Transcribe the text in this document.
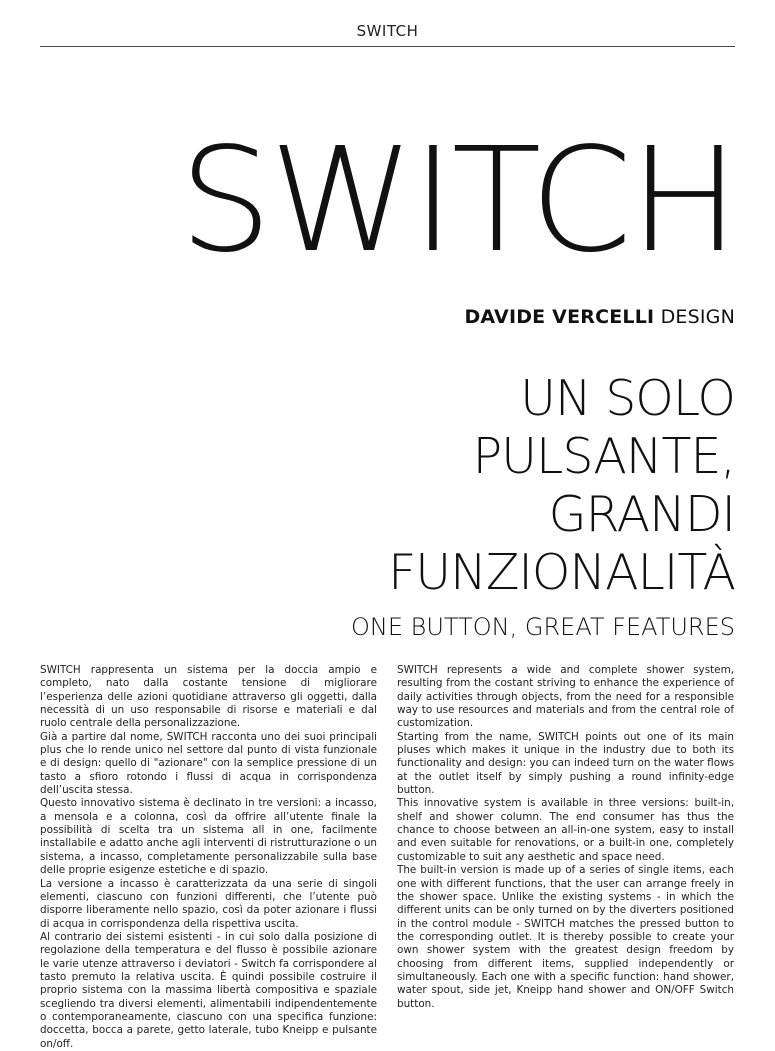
SWITCH
SWITCH
DAVIDE VERCELLI DESIGN
UN SOLO
PULSANTE,
GRANDI
FUNZIONALITÀ
ONE BUTTON, GREAT FEATURES

SWITCH rappresenta un sistema per la doccia ampio e completo, nato dalla costante tensione di migliorare l’esperienza delle azioni quotidiane attraverso gli oggetti, dalla necessità di un uso responsabile di risorse e materiali e dal ruolo centrale della personalizzazione.

Già a partire dal nome, SWITCH racconta uno dei suoi principali plus che lo rende unico nel settore dal punto di vista funzionale e di design: quello di "azionare" con la semplice pressione di un tasto a sfioro rotondo i flussi di acqua in corrispondenza dell’uscita stessa.

Questo innovativo sistema è declinato in tre versioni: a incasso, a mensola e a colonna, così da offrire all’utente finale la possibilità di scelta tra un sistema all in one, facilmente installabile e adatto anche agli interventi di ristrutturazione o un sistema, a incasso, completamente personalizzabile sulla base delle proprie esigenze estetiche e di spazio.

La versione a incasso è caratterizzata da una serie di singoli elementi, ciascuno con funzioni differenti, che l’utente può disporre liberamente nello spazio, così da poter azionare i flussi di acqua in corrispondenza della rispettiva uscita.

Al contrario dei sistemi esistenti - in cui solo dalla posizione di regolazione della temperatura e del flusso è possibile azionare le varie utenze attraverso i deviatori - Switch fa corrispondere al tasto premuto la relativa uscita. È quindi possibile costruire il proprio sistema con la massima libertà compositiva e spaziale scegliendo tra diversi elementi, alimentabili indipendentemente o contemporaneamente, ciascuno con una specifica funzione: doccetta, bocca a parete, getto laterale, tubo Kneipp e pulsante on/off.

SWITCH represents a wide and complete shower system, resulting from the costant striving to enhance the experience of daily activities through objects, from the need for a responsible way to use resources and materials and from the central role of customization.

Starting from the name, SWITCH points out one of its main pluses which makes it unique in the industry due to both its functionality and design: you can indeed turn on the water flows at the outlet itself by simply pushing a round infinity-edge button.

This innovative system is available in three versions: built-in, shelf and shower column. The end consumer has thus the chance to choose between an all-in-one system, easy to install and even suitable for renovations, or a built-in one, completely customizable to suit any aesthetic and space need.

The built-in version is made up of a series of single items, each one with different functions, that the user can arrange freely in the shower space. Unlike the existing systems - in which the different units can be only turned on by the diverters positioned in the control module - SWITCH matches the pressed button to the corresponding outlet. It is thereby possible to create your own shower system with the greatest design freedom by choosing from different items, supplied independently or simultaneously. Each one with a specific function: hand shower, water spout, side jet, Kneipp hand shower and ON/OFF Switch button.
